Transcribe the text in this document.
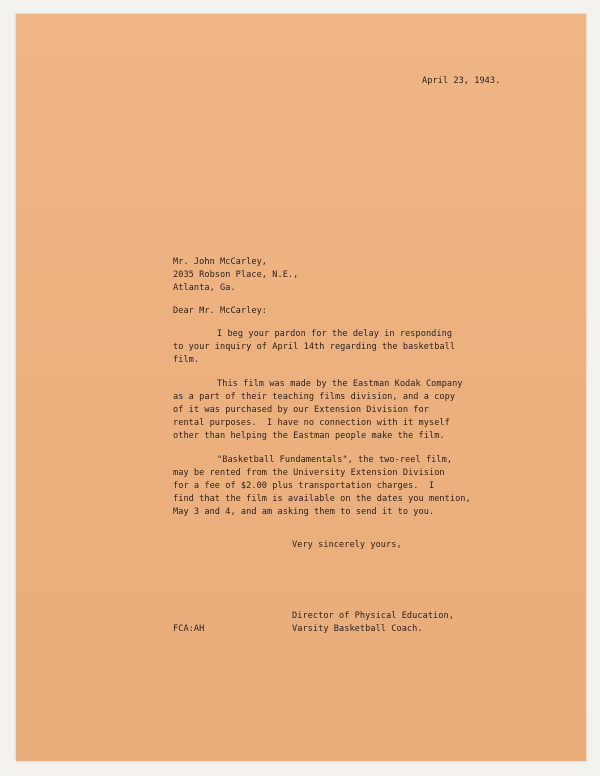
April 23, 1943.

Mr. John McCarley,

2035 Robson Place, N.E.,

Atlanta, Ga.

Dear Mr. McCarley:

I beg your pardon for the delay in responding

to your inquiry of April 14th regarding the basketball

film.

This film was made by the Eastman Kodak Company

as a part of their teaching films division, and a copy

of it was purchased by our Extension Division for

rental purposes.  I have no connection with it myself

other than helping the Eastman people make the film.

"Basketball Fundamentals", the two-reel film,

may be rented from the University Extension Division

for a fee of $2.00 plus transportation charges.  I

find that the film is available on the dates you mention,

May 3 and 4, and am asking them to send it to you.

Very sincerely yours,

Director of Physical Education,

Varsity Basketball Coach.

FCA:AH
